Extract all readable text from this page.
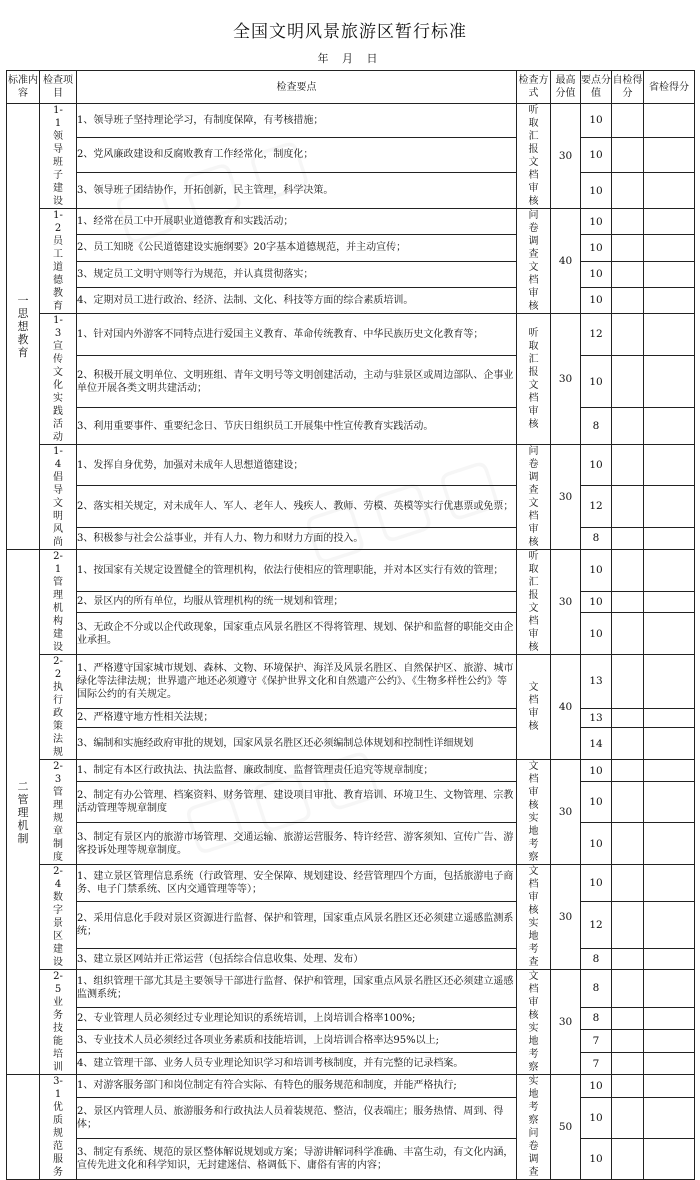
全国文明风景旅游区暂行标准
年 月 日
标准内容	检查项目	检查要点	检查方式	最高分值	要点分值	自检得分	省检得分

一思想教育	1-1领导班子建设	1、领导班子坚持理论学习，有制度保障，有考核措施；	听取汇报文档审核	30	10		
		2、党风廉政建设和反腐败教育工作经常化，制度化；			10		
		3、领导班子团结协作，开拓创新，民主管理，科学决策。			10		

	1-2员工道德教育	1、经常在员工中开展职业道德教育和实践活动；	问卷调查文档审核	40	10		
		2、员工知晓《公民道德建设实施纲要》20字基本道德规范，并主动宣传；			10		
		3、规定员工文明守则等行为规范，并认真贯彻落实；			10		
		4、定期对员工进行政治、经济、法制、文化、科技等方面的综合素质培训。			10		

	1-3宣传文化实践活动	1、针对国内外游客不同特点进行爱国主义教育、革命传统教育、中华民族历史文化教育等；	听取汇报文档审核	30	12		
		2、积极开展文明单位、文明班组、青年文明号等文明创建活动，主动与驻景区或周边部队、企事业单位开展各类文明共建活动；			10		
		3、利用重要事件、重要纪念日、节庆日组织员工开展集中性宣传教育实践活动。			8		

	1-4倡导文明风尚	1、发挥自身优势，加强对未成年人思想道德建设；	问卷调查文档审核	30	10		
		2、落实相关规定，对未成年人、军人、老年人、残疾人、教师、劳模、英模等实行优惠票或免票；			12		
		3、积极参与社会公益事业，并有人力、物力和财力方面的投入。			8		

二管理机制	2-1管理机构建设	1、按国家有关规定设置健全的管理机构，依法行使相应的管理职能，并对本区实行有效的管理；	听取汇报文档审核	30	10		
		2、景区内的所有单位，均服从管理机构的统一规划和管理；			10		
		3、无政企不分或以企代政现象，国家重点风景名胜区不得将管理、规划、保护和监督的职能交由企业承担。			10		

	2-2执行政策法规	1、严格遵守国家城市规划、森林、文物、环境保护、海洋及风景名胜区、自然保护区、旅游、城市绿化等法律法规；世界遗产地还必须遵守《保护世界文化和自然遗产公约》、《生物多样性公约》等国际公约的有关规定。	文档审核	40	13		
		2、严格遵守地方性相关法规；			13		
		3、编制和实施经政府审批的规划，国家风景名胜区还必须编制总体规划和控制性详细规划			14		

	2-3管理规章制度	1、制定有本区行政执法、执法监督、廉政制度、监督管理责任追究等规章制度；	文档审核实地考察	30	10		
		2、制定有办公管理、档案资料、财务管理、建设项目审批、教育培训、环境卫生、文物管理、宗教活动管理等规章制度			10		
		3、制定有景区内的旅游市场管理、交通运输、旅游运营服务、特许经营、游客须知、宣传广告、游客投诉处理等规章制度。			10		

	2-4数字景区建设	1、建立景区管理信息系统（行政管理、安全保障、规划建设、经营管理四个方面，包括旅游电子商务、电子门禁系统、区内交通管理等等）；	文档审核实地考查	30	10		
		2、采用信息化手段对景区资源进行监督、保护和管理，国家重点风景名胜区还必须建立遥感监测系统；			12		
		3、建立景区网站并正常运营（包括综合信息收集、处理、发布）			8		

	2-5业务技能培训	1、组织管理干部尤其是主要领导干部进行监督、保护和管理，国家重点风景名胜区还必须建立遥感监测系统；	文档审核实地考察	30	8		
		2、专业管理人员必须经过专业理论知识的系统培训，上岗培训合格率100%;			8		
		3、专业技术人员必须经过各项业务素质和技能培训，上岗培训合格率达95%以上;			7		
		4、建立管理干部、业务人员专业理论知识学习和培训考核制度，并有完整的记录档案。			7		

	3-1优质规范服务	1、对游客服务部门和岗位制定有符合实际、有特色的服务规范和制度，并能严格执行;	实地考察问卷调查	50	10		
		2、景区内管理人员、旅游服务和行政执法人员着装规范、整洁，仪表端庄；服务热情、周到、得体；			10		
		3、制定有系统、规范的景区整体解说规划或方案；导游讲解词科学准确、丰富生动，有文化内涵，宣传先进文化和科学知识，无封建迷信、格调低下、庸俗有害的内容；			10		
